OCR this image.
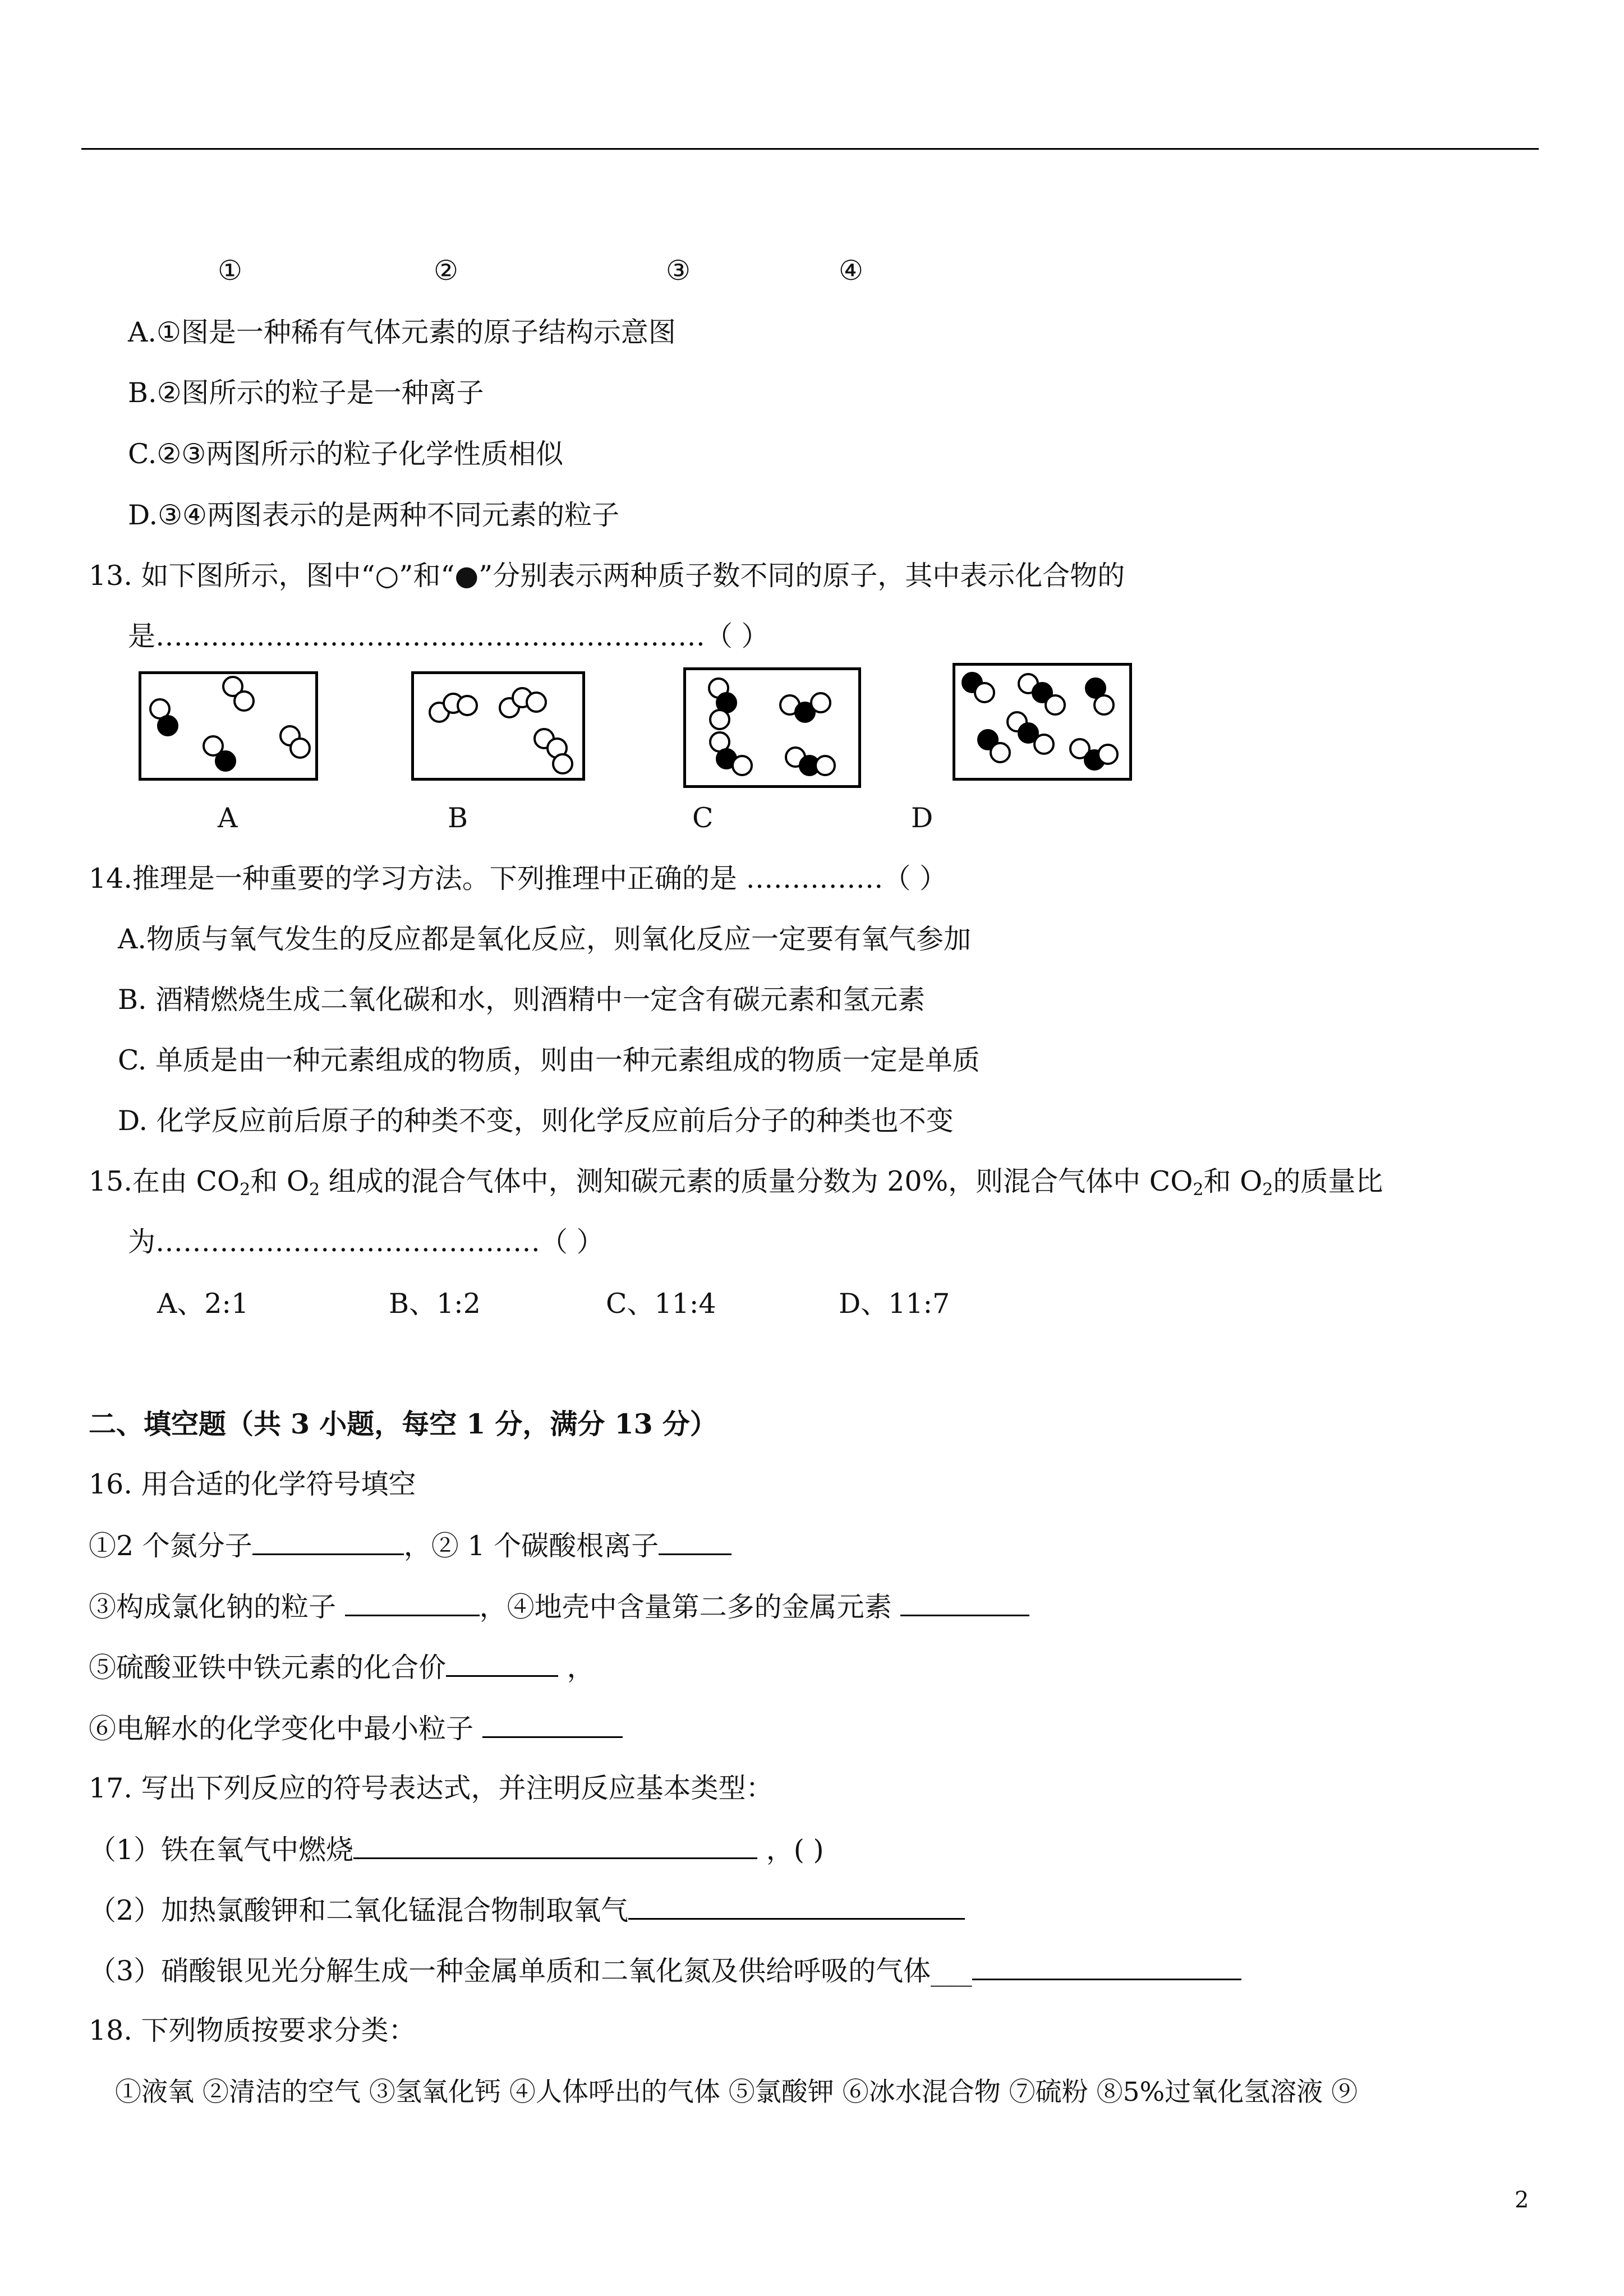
①	②	③	④
A.①图是一种稀有气体元素的原子结构示意图
B.②图所示的粒子是一种离子
C.②③两图所示的粒子化学性质相似
D.③④两图表示的是两种不同元素的粒子
13. 如下图所示，图中“○”和“●”分别表示两种质子数不同的原子，其中表示化合物的
是……………………………………………………（ ）
A	B	C	D
14.推理是一种重要的学习方法。下列推理中正确的是 ……………（ ）
A.物质与氧气发生的反应都是氧化反应，则氧化反应一定要有氧气参加
B. 酒精燃烧生成二氧化碳和水，则酒精中一定含有碳元素和氢元素
C. 单质是由一种元素组成的物质，则由一种元素组成的物质一定是单质
D. 化学反应前后原子的种类不变，则化学反应前后分子的种类也不变
15.在由 $CO_2$和 $O_2$ 组成的混合气体中，测知碳元素的质量分数为 20%，则混合气体中 $CO_2$和 $O_2$的质量比
为……………………………………（ ）
A、2:1	B、1:2	C、11:4	D、11:7
二、填空题（共 3 小题，每空 1 分，满分 13 分）
16. 用合适的化学符号填空
①2 个氮分子	，② 1 个碳酸根离子
③构成氯化钠的粒子	，④地壳中含量第二多的金属元素
⑤硫酸亚铁中铁元素的化合价	，
⑥电解水的化学变化中最小粒子
17. 写出下列反应的符号表达式，并注明反应基本类型：
（1）铁在氧气中燃烧	，( )
（2）加热氯酸钾和二氧化锰混合物制取氧气
（3）硝酸银见光分解生成一种金属单质和二氧化氮及供给呼吸的气体___
18. 下列物质按要求分类：
①液氧 ②清洁的空气 ③氢氧化钙 ④人体呼出的气体 ⑤氯酸钾 ⑥冰水混合物 ⑦硫粉 ⑧5%过氧化氢溶液 ⑨
2
